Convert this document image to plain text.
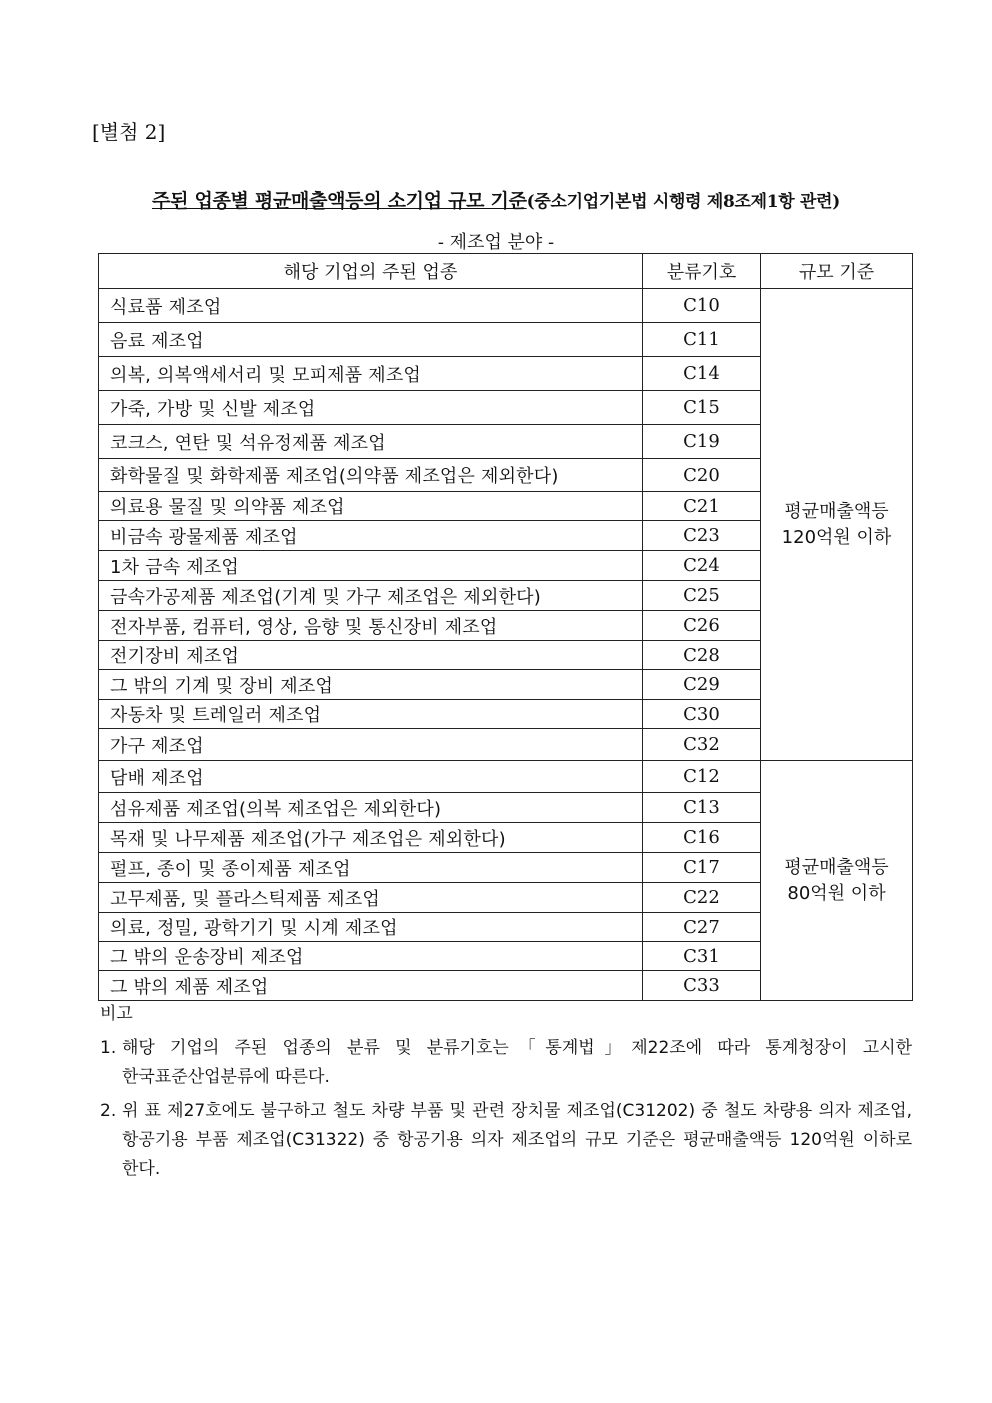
[별첨 2]
주된 업종별 평균매출액등의 소기업 규모 기준(중소기업기본법 시행령 제8조제1항 관련)
- 제조업 분야 -
해당 기업의 주된 업종	분류기호	규모 기준
식료품 제조업	C10	평균매출액등
120억원 이하

음료 제조업	C11	
의복, 의복액세서리 및 모피제품 제조업	C14	
가죽, 가방 및 신발 제조업	C15	
코크스, 연탄 및 석유정제품 제조업	C19	
화학물질 및 화학제품 제조업(의약품 제조업은 제외한다)	C20	
의료용 물질 및 의약품 제조업	C21	
비금속 광물제품 제조업	C23	
1차 금속 제조업	C24	
금속가공제품 제조업(기계 및 가구 제조업은 제외한다)	C25	
전자부품, 컴퓨터, 영상, 음향 및 통신장비 제조업	C26	
전기장비 제조업	C28	
그 밖의 기계 및 장비 제조업	C29	
자동차 및 트레일러 제조업	C30	
가구 제조업	C32	
담배 제조업	C12	평균매출액등
80억원 이하

섬유제품 제조업(의복 제조업은 제외한다)	C13	
목재 및 나무제품 제조업(가구 제조업은 제외한다)	C16	
펄프, 종이 및 종이제품 제조업	C17	
고무제품, 및 플라스틱제품 제조업	C22	
의료, 정밀, 광학기기 및 시계 제조업	C27	
그 밖의 운송장비 제조업	C31	
그 밖의 제품 제조업	C33	
비고
1. 해당 기업의 주된 업종의 분류 및 분류기호는「통계법」제22조에 따라 통계청장이 고시한 한국표준산업분류에 따른다.
2. 위 표 제27호에도 불구하고 철도 차량 부품 및 관련 장치물 제조업(C31202) 중 철도 차량용 의자 제조업, 항공기용 부품 제조업(C31322) 중 항공기용 의자 제조업의 규모 기준은 평균매출액등 120억원 이하로 한다.
